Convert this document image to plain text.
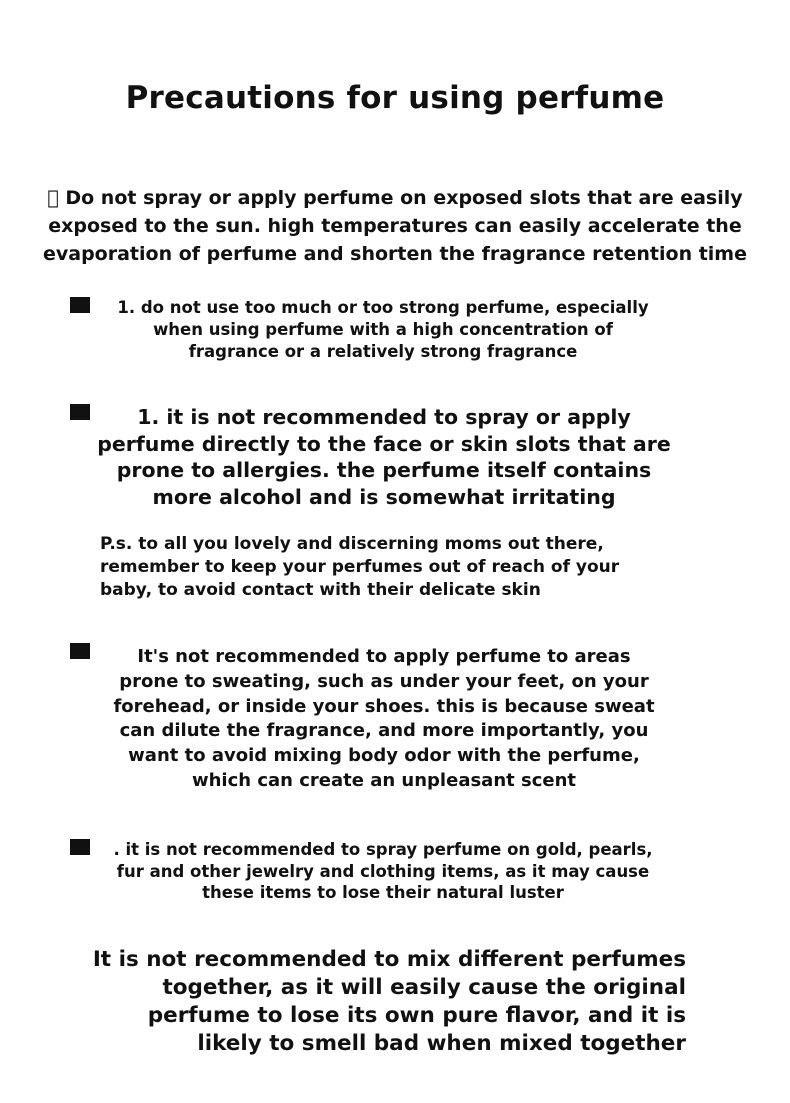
Precautions for using perfume

Do not spray or apply perfume on exposed slots that are easily

exposed to the sun. high temperatures can easily accelerate the

evaporation of perfume and shorten the fragrance retention time

1. do not use too much or too strong perfume, especially

when using perfume with a high concentration of

fragrance or a relatively strong fragrance

1. it is not recommended to spray or apply

perfume directly to the face or skin slots that are

prone to allergies. the perfume itself contains

more alcohol and is somewhat irritating

P.s. to all you lovely and discerning moms out there,

remember to keep your perfumes out of reach of your

baby, to avoid contact with their delicate skin

It's not recommended to apply perfume to areas

prone to sweating, such as under your feet, on your

forehead, or inside your shoes. this is because sweat

can dilute the fragrance, and more importantly, you

want to avoid mixing body odor with the perfume,

which can create an unpleasant scent

. it is not recommended to spray perfume on gold, pearls,

fur and other jewelry and clothing items, as it may cause

these items to lose their natural luster

It is not recommended to mix different perfumes

together, as it will easily cause the original

perfume to lose its own pure flavor, and it is

likely to smell bad when mixed together
